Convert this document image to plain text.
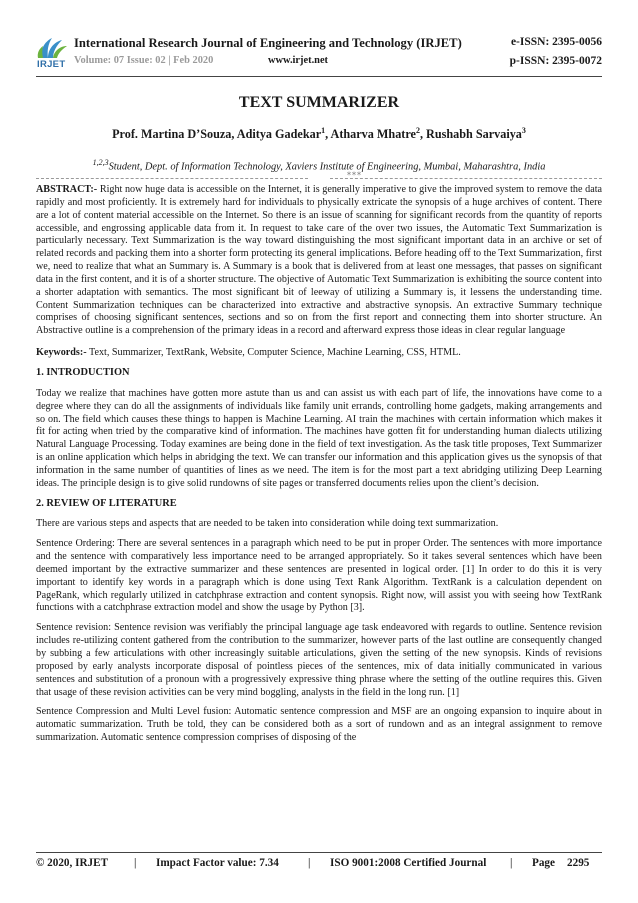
IRJET
International Research Journal of Engineering and Technology (IRJET)	e-ISSN: 2395-0056
Volume: 07 Issue: 02 | Feb 2020	www.irjet.net	p-ISSN: 2395-0072
TEXT SUMMARIZER
Prof. Martina D’Souza, Aditya Gadekar$^1$, Atharva Mhatre$^2$, Rushabh Sarvaiya$^3$
$^{1,2,3}$Student, Dept. of Information Technology, Xaviers Institute of Engineering, Mumbai, Maharashtra, India
***

ABSTRACT:- Right now huge data is accessible on the Internet, it is generally imperative to give the improved system to remove the data rapidly and most proficiently. It is extremely hard for individuals to physically extricate the synopsis of a huge archives of content. There are a lot of content material accessible on the Internet. So there is an issue of scanning for significant records from the quantity of reports accessible, and engrossing applicable data from it. In request to take care of the over two issues, the Automatic Text Summarization is particularly necessary. Text Summarization is the way toward distinguishing the most significant important data in an archive or set of related records and packing them into a shorter form protecting its general implications. Before heading off to the Text Summarization, first we, need to realize that what an Summary is. A Summary is a book that is delivered from at least one messages, that passes on significant data in the first content, and it is of a shorter structure. The objective of Automatic Text Summarization is exhibiting the source content into a shorter adaptation with semantics. The most significant bit of leeway of utilizing a Summary is, it lessens the understanding time. Content Summarization techniques can be characterized into extractive and abstractive synopsis. An extractive Summary technique comprises of choosing significant sentences, sections and so on from the first report and connecting them into shorter structure. An Abstractive outline is a comprehension of the primary ideas in a record and afterward express those ideas in clear regular language

Keywords:- Text, Summarizer, TextRank, Website, Computer Science, Machine Learning, CSS, HTML.

1. INTRODUCTION

Today we realize that machines have gotten more astute than us and can assist us with each part of life, the innovations have come to a degree where they can do all the assignments of individuals like family unit errands, controlling home gadgets, making arrangements and so on. The field which causes these things to happen is Machine Learning. AI train the machines with certain information which makes it fit for acting when tried by the comparative kind of information. The machines have gotten fit for understanding human dialects utilizing Natural Language Processing. Today examines are being done in the field of text investigation. As the task title proposes, Text Summarizer is an online application which helps in abridging the text. We can transfer our information and this application gives us the synopsis of that information in the same number of quantities of lines as we need. The item is for the most part a text abridging utilizing Deep Learning ideas. The principle design is to give solid rundowns of site pages or transferred documents relies upon the client’s decision.

2. REVIEW OF LITERATURE

There are various steps and aspects that are needed to be taken into consideration while doing text summarization.

Sentence Ordering: There are several sentences in a paragraph which need to be put in proper Order. The sentences with more importance and the sentence with comparatively less importance need to be arranged appropriately. So it takes several sentences which have been deemed important by the extractive summarizer and these sentences are presented in logical order. [1] In order to do this it is very important to identify key words in a paragraph which is done using Text Rank Algorithm. TextRank is a calculation dependent on PageRank, which regularly utilized in catchphrase extraction and content synopsis. Right now, will assist you with seeing how TextRank functions with a catchphrase extraction model and show the usage by Python [3].

Sentence revision: Sentence revision was verifiably the principal language age task endeavored with regards to outline. Sentence revision includes re-utilizing content gathered from the contribution to the summarizer, however parts of the last outline are consequently changed by subbing a few articulations with other increasingly suitable articulations, given the setting of the new synopsis. Kinds of revisions proposed by early analysts incorporate disposal of pointless pieces of the sentences, mix of data initially communicated in various sentences and substitution of a pronoun with a progressively expressive thing phrase where the setting of the outline requires this. Given that usage of these revision activities can be very mind boggling, analysts in the field in the long run. [1]

Sentence Compression and Multi Level fusion: Automatic sentence compression and MSF are an ongoing expansion to inquire about in automatic summarization. Truth be told, they can be considered both as a sort of rundown and as an integral assignment to remove summarization. Automatic sentence compression comprises of disposing of the

© 2020, IRJET | Impact Factor value: 7.34	| ISO 9001:2008 Certified Journal | Page 2295
